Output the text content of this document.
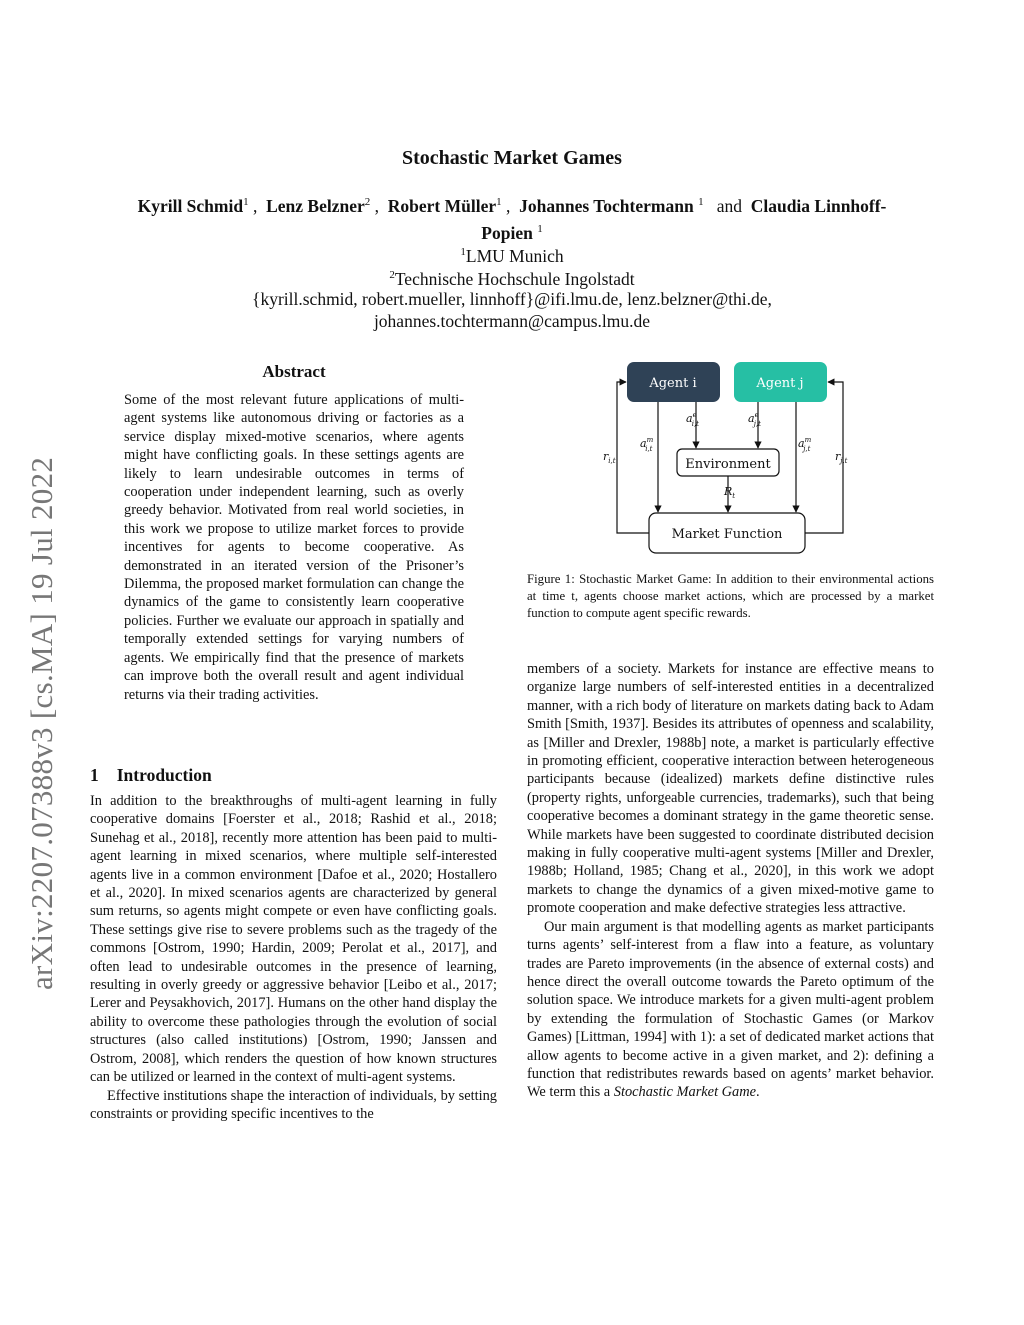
arXiv:2207.07388v3 [cs.MA] 19 Jul 2022
Stochastic Market Games
Kyrill Schmid$^1$ ,  Lenz Belzner$^2$ ,  Robert Müller$^1$ ,  Johannes Tochtermann $^1$ and Claudia Linnhoff-Popien $^1$
$^1$LMU Munich
$^2$Technische Hochschule Ingolstadt
{kyrill.schmid, robert.mueller, linnhoff}@ifi.lmu.de, lenz.belzner@thi.de,
johannes.tochtermann@campus.lmu.de
Abstract

Some of the most relevant future applications of multi-agent systems like autonomous driving or factories as a service display mixed-motive scenarios, where agents might have conflicting goals. In these settings agents are likely to learn undesirable outcomes in terms of cooperation under independent learning, such as overly greedy behavior. Motivated from real world societies, in this work we propose to utilize market forces to provide incentives for agents to become cooperative. As demonstrated in an iterated version of the Prisoner’s Dilemma, the proposed market formulation can change the dynamics of the game to consistently learn cooperative policies. Further we evaluate our approach in spatially and temporally extended settings for varying numbers of agents. We empirically find that the presence of markets can improve both the overall result and agent individual returns via their trading activities.

1 Introduction

In addition to the breakthroughs of multi-agent learning in fully cooperative domains [Foerster et al., 2018; Rashid et al., 2018; Sunehag et al., 2018], recently more attention has been paid to multi-agent learning in mixed scenarios, where multiple self-interested agents live in a common environment [Dafoe et al., 2020; Hostallero et al., 2020]. In mixed scenarios agents are characterized by general sum returns, so agents might compete or even have conflicting goals. These settings give rise to severe problems such as the tragedy of the commons [Ostrom, 1990; Hardin, 2009; Perolat et al., 2017], and often lead to undesirable outcomes in the presence of learning, resulting in overly greedy or aggressive behavior [Leibo et al., 2017; Lerer and Peysakhovich, 2017]. Humans on the other hand display the ability to overcome these pathologies through the evolution of social structures (also called institutions) [Ostrom, 1990; Janssen and Ostrom, 2008], which renders the question of how known structures can be utilized or learned in the context of multi-agent systems.

Effective institutions shape the interaction of individuals, by setting constraints or providing specific incentives to the

Agent i	Agent j
Environment
Market Function
$a^e$ i,t	$a^e$ j,t
$a^m$ i,t	$a^m$ j,t
$r_{i,t}$	$r_{j,t}$
$R_t$
Figure 1: Stochastic Market Game: In addition to their environmental actions at time t, agents choose market actions, which are processed by a market function to compute agent specific rewards.

members of a society. Markets for instance are effective means to organize large numbers of self-interested entities in a decentralized manner, with a rich body of literature on markets dating back to Adam Smith [Smith, 1937]. Besides its attributes of openness and scalability, as [Miller and Drexler, 1988b] note, a market is particularly effective in promoting efficient, cooperative interaction between heterogeneous participants because (idealized) markets define distinctive rules (property rights, unforgeable currencies, trademarks), such that being cooperative becomes a dominant strategy in the game theoretic sense. While markets have been suggested to coordinate distributed decision making in fully cooperative multi-agent systems [Miller and Drexler, 1988b; Holland, 1985; Chang et al., 2020], in this work we adopt markets to change the dynamics of a given mixed-motive game to promote cooperation and make defective strategies less attractive.

Our main argument is that modelling agents as market participants turns agents’ self-interest from a flaw into a feature, as voluntary trades are Pareto improvements (in the absence of external costs) and hence direct the overall outcome towards the Pareto optimum of the solution space. We introduce markets for a given multi-agent problem by extending the formulation of Stochastic Games (or Markov Games) [Littman, 1994] with 1): a set of dedicated market actions that allow agents to become active in a given market, and 2): defining a function that redistributes rewards based on agents’ market behavior. We term this a Stochastic Market Game.
